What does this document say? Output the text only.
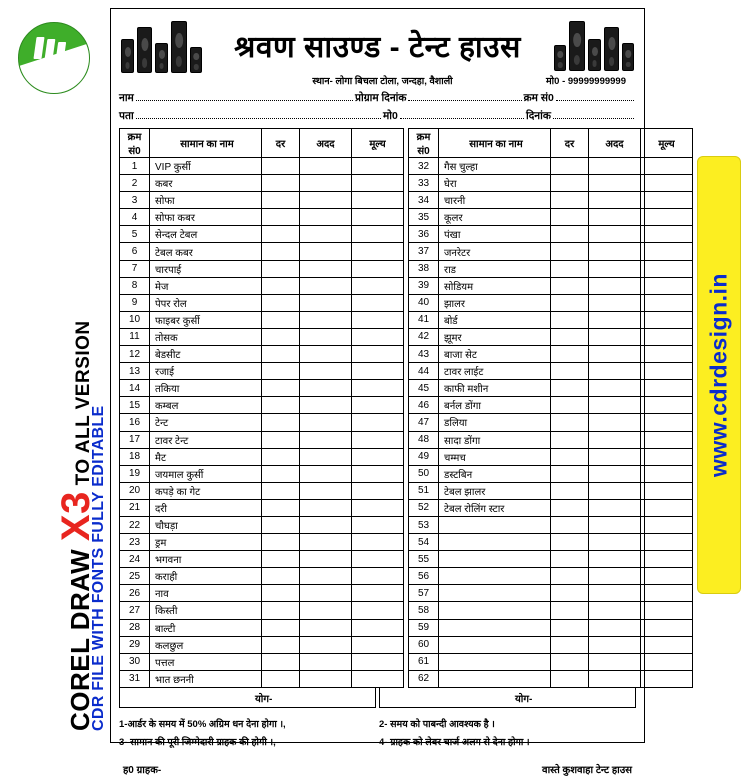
COREL DRAW X3 TO ALL VERSION
CDR FILE WITH FONTS FULLY EDITABLE
www.cdrdesign.in
श्रवण साउण्ड - टेन्ट हाउस
स्थान- लोगा बिचला टोला, जन्दहा, वैशाली	मो0 - 99999999999
नाम	प्रोग्राम दिनांक	क्रम सं0
पता	मो0	दिनांक
क्रम सं0	सामान का नाम	दर	अदद	मूल्य		क्रम सं0	सामान का नाम	दर	अदद	मूल्य
1	VIP कुर्सी					32	गैस चुल्हा			
2	कबर					33	घेरा			
3	सोफा					34	चारनी			
4	सोफा कबर					35	कूलर			
5	सेन्दल टेबल					36	पंखा			
6	टेबल कबर					37	जनरेटर			
7	चारपाई					38	राड			
8	मेज					39	सोडियम			
9	पेपर रोल					40	झालर			
10	फाइबर कुर्सी					41	बोर्ड			
11	तोसक					42	झूमर			
12	बेडसीट					43	बाजा सेट			
13	रजाई					44	टावर लाईट			
14	तकिया					45	काफी मशीन			
15	कम्बल					46	बर्नल डोंगा			
16	टेन्ट					47	डलिया			
17	टावर टेन्ट					48	सादा डोंगा			
18	मैट					49	चम्मच			
19	जयमाल कुर्सी					50	डस्टबिन			
20	कपड़े का गेट					51	टेबल झालर			
21	दरी					52	टेबल रोलिंग स्टार			
22	चौघड़ा					53				
23	ड्रम					54				
24	भगवना					55				
25	कराही					56				
26	नाव					57				
27	किस्ती					58				
28	बाल्टी					59				
29	कलछुल					60				
30	पत्तल					61				
31	भात छननी					62				
योग-	योग-
1-आर्डर के समय में 50% अग्रिम धन देना होगा ।,	2- समय को पाबन्दी आवश्यक है ।
3- सामान की पूरी जिम्मेदारी ग्राहक की होगी ।,	4- ग्राहक को लेबर चार्ज अलग से देना होगा ।
ह0 ग्राहक-	वास्ते कुशवाहा टेन्ट हाउस
